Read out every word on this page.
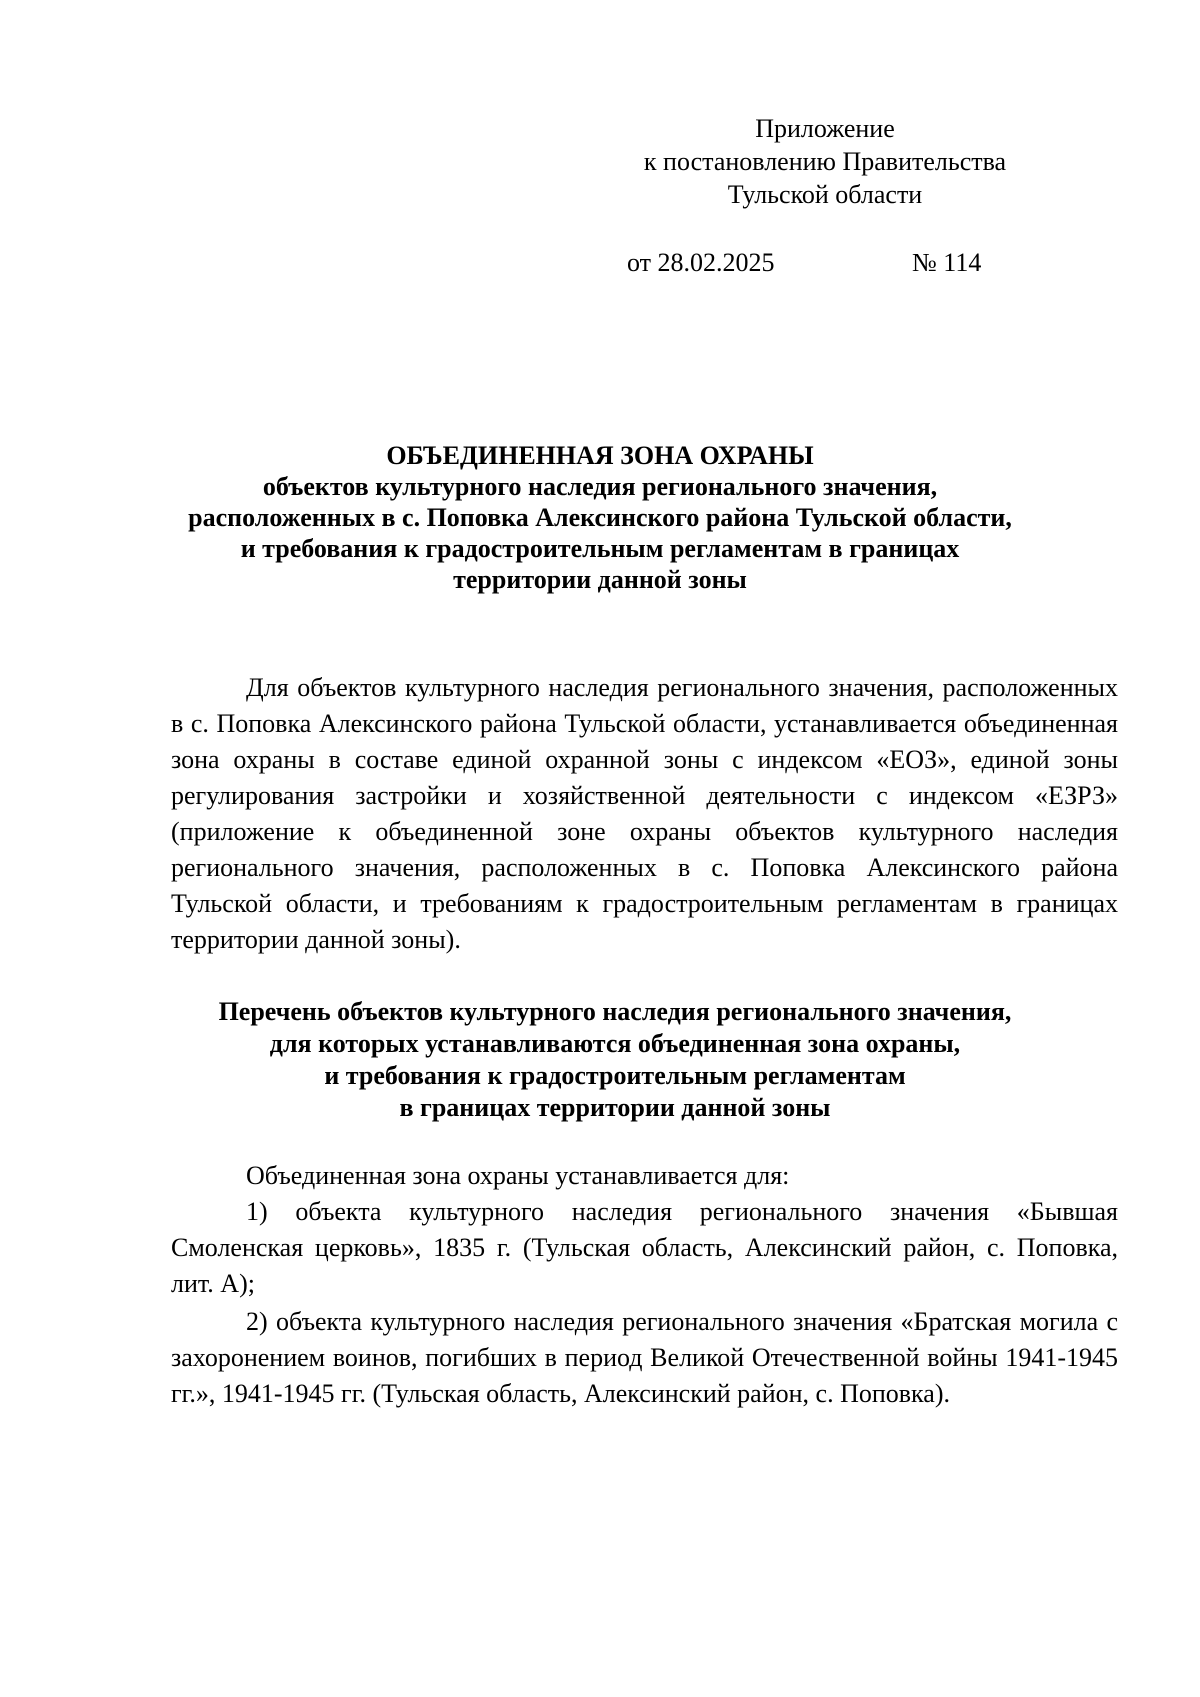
Приложение
к постановлению Правительства
Тульской области
от 28.02.2025	№ 114
ОБЪЕДИНЕННАЯ ЗОНА ОХРАНЫ
объектов культурного наследия регионального значения,
расположенных в с. Поповка Алексинского района Тульской области,
и требования к градостроительным регламентам в границах
территории данной зоны
Для объектов культурного наследия регионального значения, расположенных в с. Поповка Алексинского района Тульской области, устанавливается объединенная зона охраны в составе единой охранной зоны с индексом «ЕОЗ», единой зоны регулирования застройки и хозяйственной деятельности с индексом «ЕЗРЗ» (приложение к объединенной зоне охраны объектов культурного наследия регионального значения, расположенных в с. Поповка Алексинского района Тульской области, и требованиям к градостроительным регламентам в границах территории данной зоны).
Перечень объектов культурного наследия регионального значения,
для которых устанавливаются объединенная зона охраны,
и требования к градостроительным регламентам
в границах территории данной зоны
Объединенная зона охраны устанавливается для:
1) объекта культурного наследия регионального значения «Бывшая Смоленская церковь», 1835 г. (Тульская область, Алексинский район, с. Поповка, лит. А);
2) объекта культурного наследия регионального значения «Братская могила с захоронением воинов, погибших в период Великой Отечественной войны 1941-1945 гг.», 1941-1945 гг. (Тульская область, Алексинский район, с. Поповка).
